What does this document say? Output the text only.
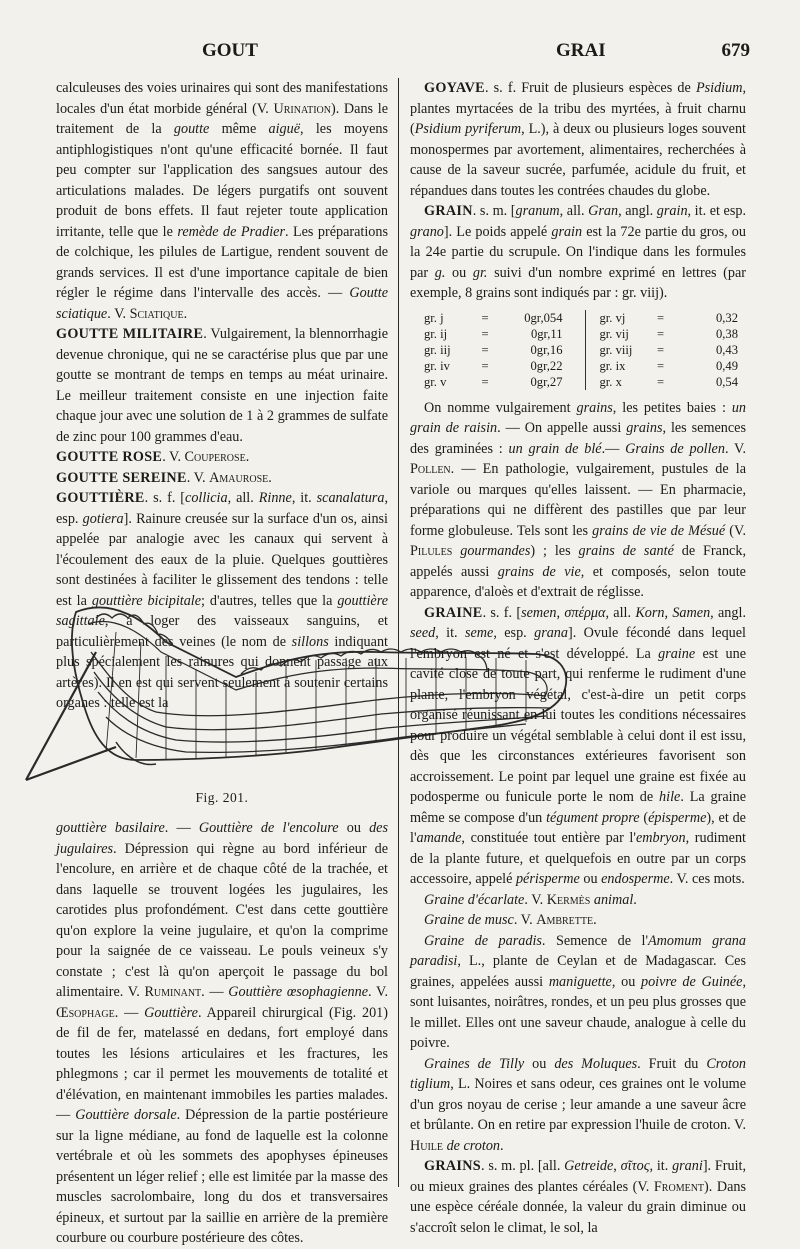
GOUT	GRAI	679

calculeuses des voies urinaires qui sont des manifestations locales d'un état morbide général (V. Urination). Dans le traitement de la goutte même aiguë, les moyens antiphlogistiques n'ont qu'une efficacité bornée. Il faut peu compter sur l'application des sangsues autour des articulations malades. De légers purgatifs ont souvent produit de bons effets. Il faut rejeter toute application irritante, telle que le remède de Pradier. Les préparations de colchique, les pilules de Lartigue, rendent souvent de grands services. Il est d'une importance capitale de bien régler le régime dans l'intervalle des accès. — Goutte sciatique. V. Sciatique.

GOUTTE MILITAIRE. Vulgairement, la blennorrhagie devenue chronique, qui ne se caractérise plus que par une goutte se montrant de temps en temps au méat urinaire. Le meilleur traitement consiste en une injection faite chaque jour avec une solution de 1 à 2 grammes de sulfate de zinc pour 100 grammes d'eau.

GOUTTE ROSE. V. Couperose.

GOUTTE SEREINE. V. Amaurose.

GOUTTIÈRE. s. f. [collicia, all. Rinne, it. scanalatura, esp. gotiera]. Rainure creusée sur la surface d'un os, ainsi appelée par analogie avec les canaux qui servent à l'écoulement des eaux de la pluie. Quelques gouttières sont destinées à faciliter le glissement des tendons : telle est la gouttière bicipitale; d'autres, telles que la gouttière sagittale, à loger des vaisseaux sanguins, et particulièrement des veines (le nom de sillons indiquant plus spécialement les rainures qui donnent passage aux artères). Il en est qui servent seulement à soutenir certains organes : telle est la

Fig. 201.

gouttière basilaire. — Gouttière de l'encolure ou des jugulaires. Dépression qui règne au bord inférieur de l'encolure, en arrière et de chaque côté de la trachée, et dans laquelle se trouvent logées les jugulaires, les carotides plus profondément. C'est dans cette gouttière qu'on explore la veine jugulaire, et qu'on la comprime pour la saignée de ce vaisseau. Le pouls veineux s'y constate ; c'est là qu'on aperçoit le passage du bol alimentaire. V. Ruminant. — Gouttière œsophagienne. V. Œsophage. — Gouttière. Appareil chirurgical (Fig. 201) de fil de fer, matelassé en dedans, fort employé dans toutes les lésions articulaires et les fractures, les phlegmons ; car il permet les mouvements de totalité et d'élévation, en maintenant immobiles les parties malades. — Gouttière dorsale. Dépression de la partie postérieure sur la ligne médiane, au fond de laquelle est la colonne vertébrale et où les sommets des apophyses épineuses présentent un léger relief ; elle est limitée par la masse des muscles sacrolombaire, long du dos et transversaires épineux, et surtout par la saillie en arrière de la première courbure ou courbure postérieure des côtes.

GOYAVE. s. f. Fruit de plusieurs espèces de Psidium, plantes myrtacées de la tribu des myrtées, à fruit charnu (Psidium pyriferum, L.), à deux ou plusieurs loges souvent monospermes par avortement, alimentaires, recherchées à cause de la saveur sucrée, parfumée, acidule du fruit, et répandues dans toutes les contrées chaudes du globe.

GRAIN. s. m. [granum, all. Gran, angl. grain, it. et esp. grano]. Le poids appelé grain est la 72e partie du gros, ou la 24e partie du scrupule. On l'indique dans les formules par g. ou gr. suivi d'un nombre exprimé en lettres (par exemple, 8 grains sont indiqués par : gr. viij).

gr. j	=	0gr,054
gr. ij	=	0gr,11
gr. iij	=	0gr,16
gr. iv	=	0gr,22
gr. v	=	0gr,27
gr. vj	=	0,32
gr. vij	=	0,38
gr. viij	=	0,43
gr. ix	=	0,49
gr. x	=	0,54

On nomme vulgairement grains, les petites baies : un grain de raisin. — On appelle aussi grains, les semences des graminées : un grain de blé.— Grains de pollen. V. Pollen. — En pathologie, vulgairement, pustules de la variole ou marques qu'elles laissent. — En pharmacie, préparations qui ne diffèrent des pastilles que par leur forme globuleuse. Tels sont les grains de vie de Mésué (V. Pilules gourmandes) ; les grains de santé de Franck, appelés aussi grains de vie, et composés, selon toute apparence, d'aloès et d'extrait de réglisse.

GRAINE. s. f. [semen, σπέρμα, all. Korn, Samen, angl. seed, it. seme, esp. grana]. Ovule fécondé dans lequel l'embryon est né et s'est développé. La graine est une cavité close de toute part, qui renferme le rudiment d'une plante, l'embryon végétal, c'est-à-dire un petit corps organisé réunissant en lui toutes les conditions nécessaires pour produire un végétal semblable à celui dont il est issu, dès que les circonstances extérieures favorisent son accroissement. Le point par lequel une graine est fixée au podosperme ou funicule porte le nom de hile. La graine même se compose d'un tégument propre (épisperme), et de l'amande, constituée tout entière par l'embryon, rudiment de la plante future, et quelquefois en outre par un corps accessoire, appelé périsperme ou endosperme. V. ces mots.

Graine d'écarlate. V. Kermès animal.

Graine de musc. V. Ambrette.

Graine de paradis. Semence de l'Amomum grana paradisi, L., plante de Ceylan et de Madagascar. Ces graines, appelées aussi maniguette, ou poivre de Guinée, sont luisantes, noirâtres, rondes, et un peu plus grosses que le millet. Elles ont une saveur chaude, analogue à celle du poivre.

Graines de Tilly ou des Moluques. Fruit du Croton tiglium, L. Noires et sans odeur, ces graines ont le volume d'un gros noyau de cerise ; leur amande a une saveur âcre et brûlante. On en retire par expression l'huile de croton. V. Huile de croton.

GRAINS. s. m. pl. [all. Getreide, σῖτος, it. grani]. Fruit, ou mieux graines des plantes céréales (V. Froment). Dans une espèce céréale donnée, la valeur du grain diminue ou s'accroît selon le climat, le sol, la
